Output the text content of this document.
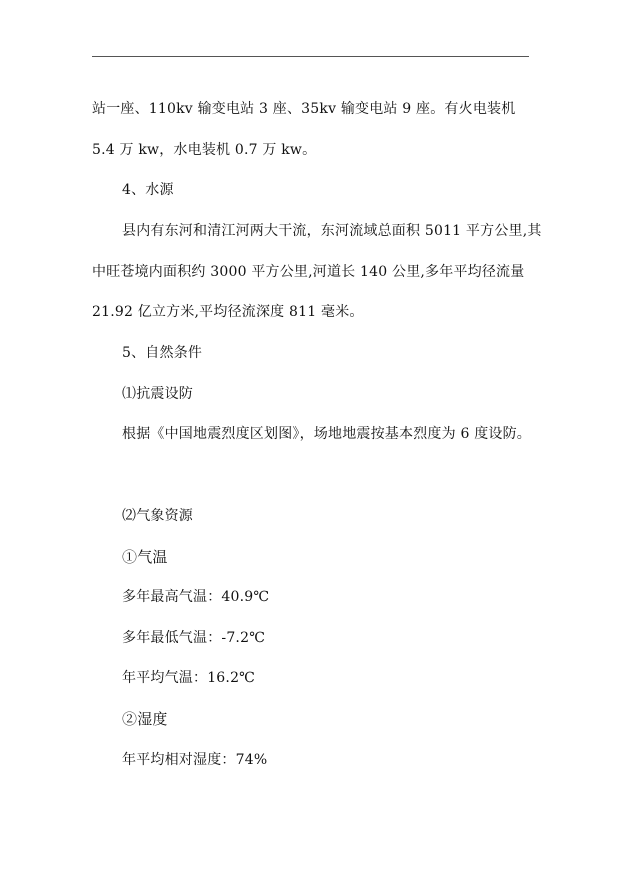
站一座、110kv 输变电站 3 座、35kv 输变电站 9 座。有火电装机
5.4 万 kw，水电装机 0.7 万 kw。
4、水源
县内有东河和清江河两大干流，东河流域总面积 5011 平方公里,其
中旺苍境内面积约 3000 平方公里,河道长 140 公里,多年平均径流量
21.92 亿立方米,平均径流深度 811 毫米。
5、自然条件
⑴抗震设防
根据《中国地震烈度区划图》，场地地震按基本烈度为 6 度设防。
⑵气象资源
①气温
多年最高气温：40.9℃
多年最低气温：-7.2℃
年平均气温：16.2℃
②湿度
年平均相对湿度：74%
